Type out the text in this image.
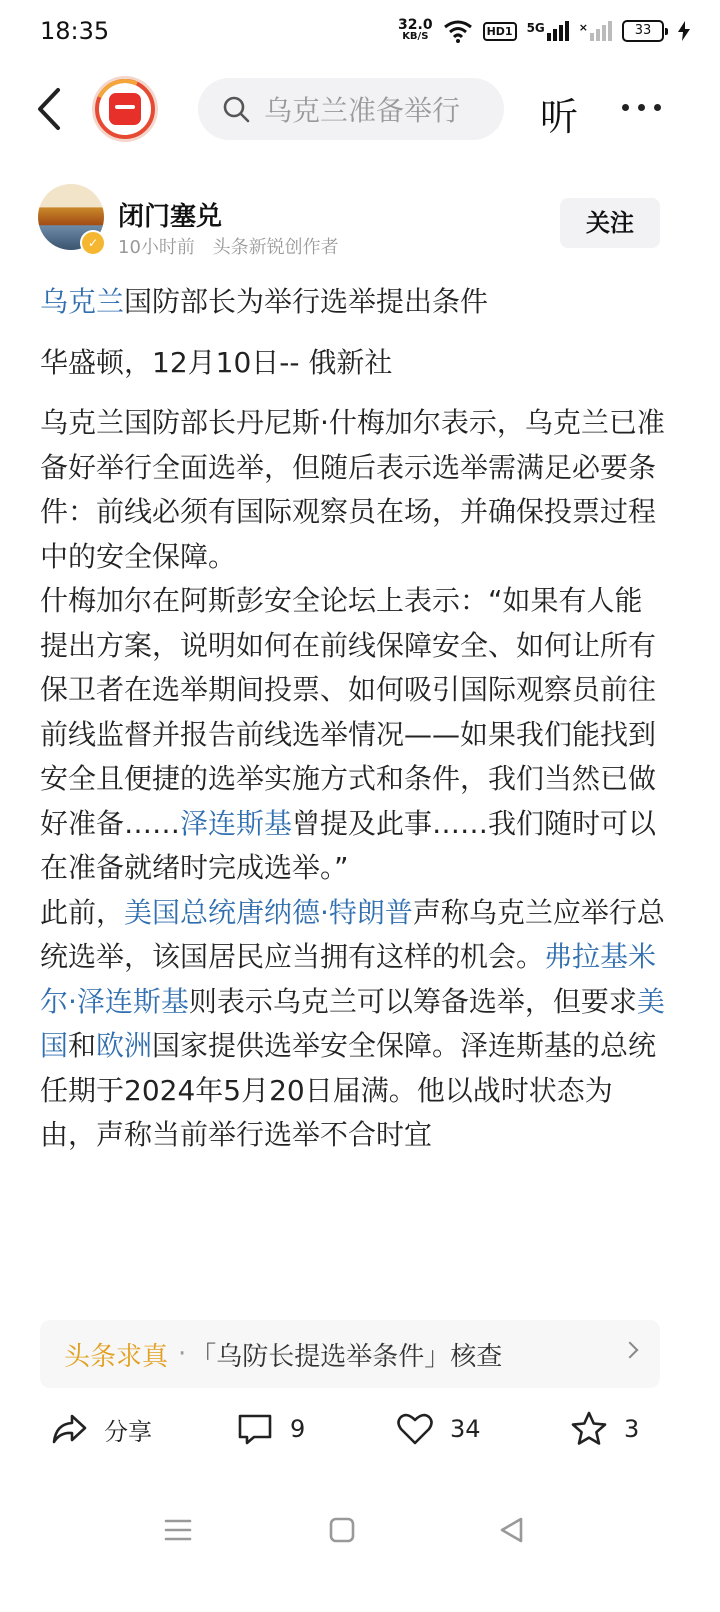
18:35	32.0
KB/S	HD1	5G	×	33
乌克兰准备举行	听
✓
闭门塞兑
10小时前 头条新锐创作者
关注

乌克兰国防部长为举行选举提出条件

华盛顿，12月10日-- 俄新社

乌克兰国防部长丹尼斯·什梅加尔表示，乌克兰已准备好举行全面选举，但随后表示选举需满足必要条件：前线必须有国际观察员在场，并确保投票过程中的安全保障。

什梅加尔在阿斯彭安全论坛上表示：“如果有人能提出方案，说明如何在前线保障安全、如何让所有保卫者在选举期间投票、如何吸引国际观察员前往前线监督并报告前线选举情况——如果我们能找到安全且便捷的选举实施方式和条件，我们当然已做好准备……泽连斯基曾提及此事……我们随时可以在准备就绪时完成选举。”

此前，美国总统唐纳德·特朗普声称乌克兰应举行总统选举，该国居民应当拥有这样的机会。弗拉基米尔·泽连斯基则表示乌克兰可以筹备选举，但要求美国和欧洲国家提供选举安全保障。泽连斯基的总统任期于2024年5月20日届满。他以战时状态为由，声称当前举行选举不合时宜

头条求真 · 「乌防长提选举条件」核查
分享	9	34	3
